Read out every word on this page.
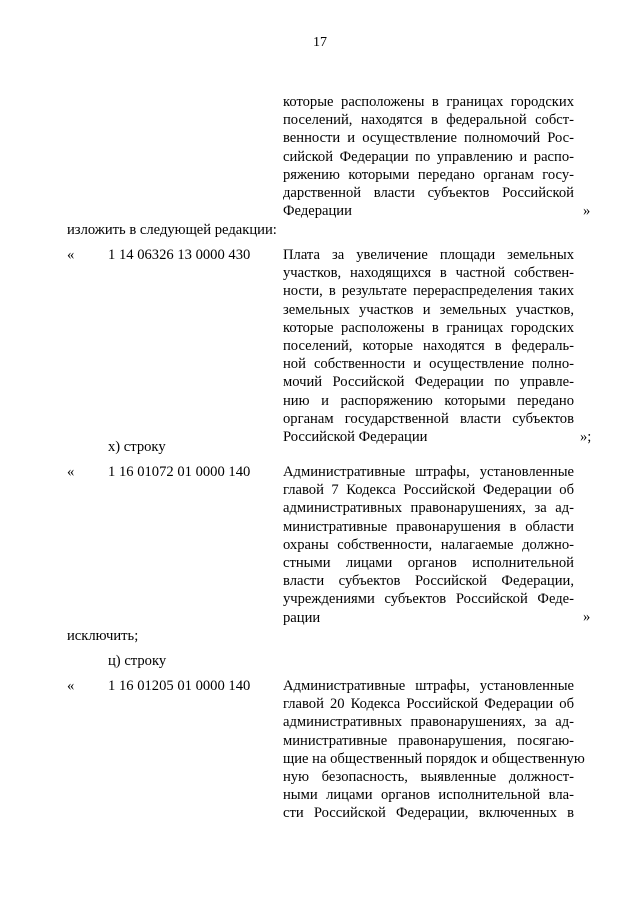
17
которые расположены в границах городских
поселений, находятся в федеральной собст-
венности и осуществление полномочий Рос-
сийской Федерации по управлению и распо-
ряжению которыми передано органам госу-
дарственной власти субъектов Российской
Федерации	»
изложить в следующей редакции:
« 1 14 06326 13 0000 430 Плата за увеличение площади земельных
участков, находящихся в частной собствен-
ности, в результате перераспределения таких
земельных участков и земельных участков,
которые расположены в границах городских
поселений, которые находятся в федераль-
ной собственности и осуществление полно-
мочий Российской Федерации по управле-
нию и распоряжению которыми передано
органам государственной власти субъектов
Российской Федерации	»;
х) строку
« 1 16 01072 01 0000 140 Административные штрафы, установленные
главой 7 Кодекса Российской Федерации об
административных правонарушениях, за ад-
министративные правонарушения в области
охраны собственности, налагаемые должно-
стными лицами органов исполнительной
власти субъектов Российской Федерации,
учреждениями субъектов Российской Феде-
рации	»
исключить;
ц) строку
« 1 16 01205 01 0000 140 Административные штрафы, установленные
главой 20 Кодекса Российской Федерации об
административных правонарушениях, за ад-
министративные правонарушения, посягаю-
щие на общественный порядок и общественную
ную безопасность, выявленные должност-
ными лицами органов исполнительной вла-
сти Российской Федерации, включенных в
